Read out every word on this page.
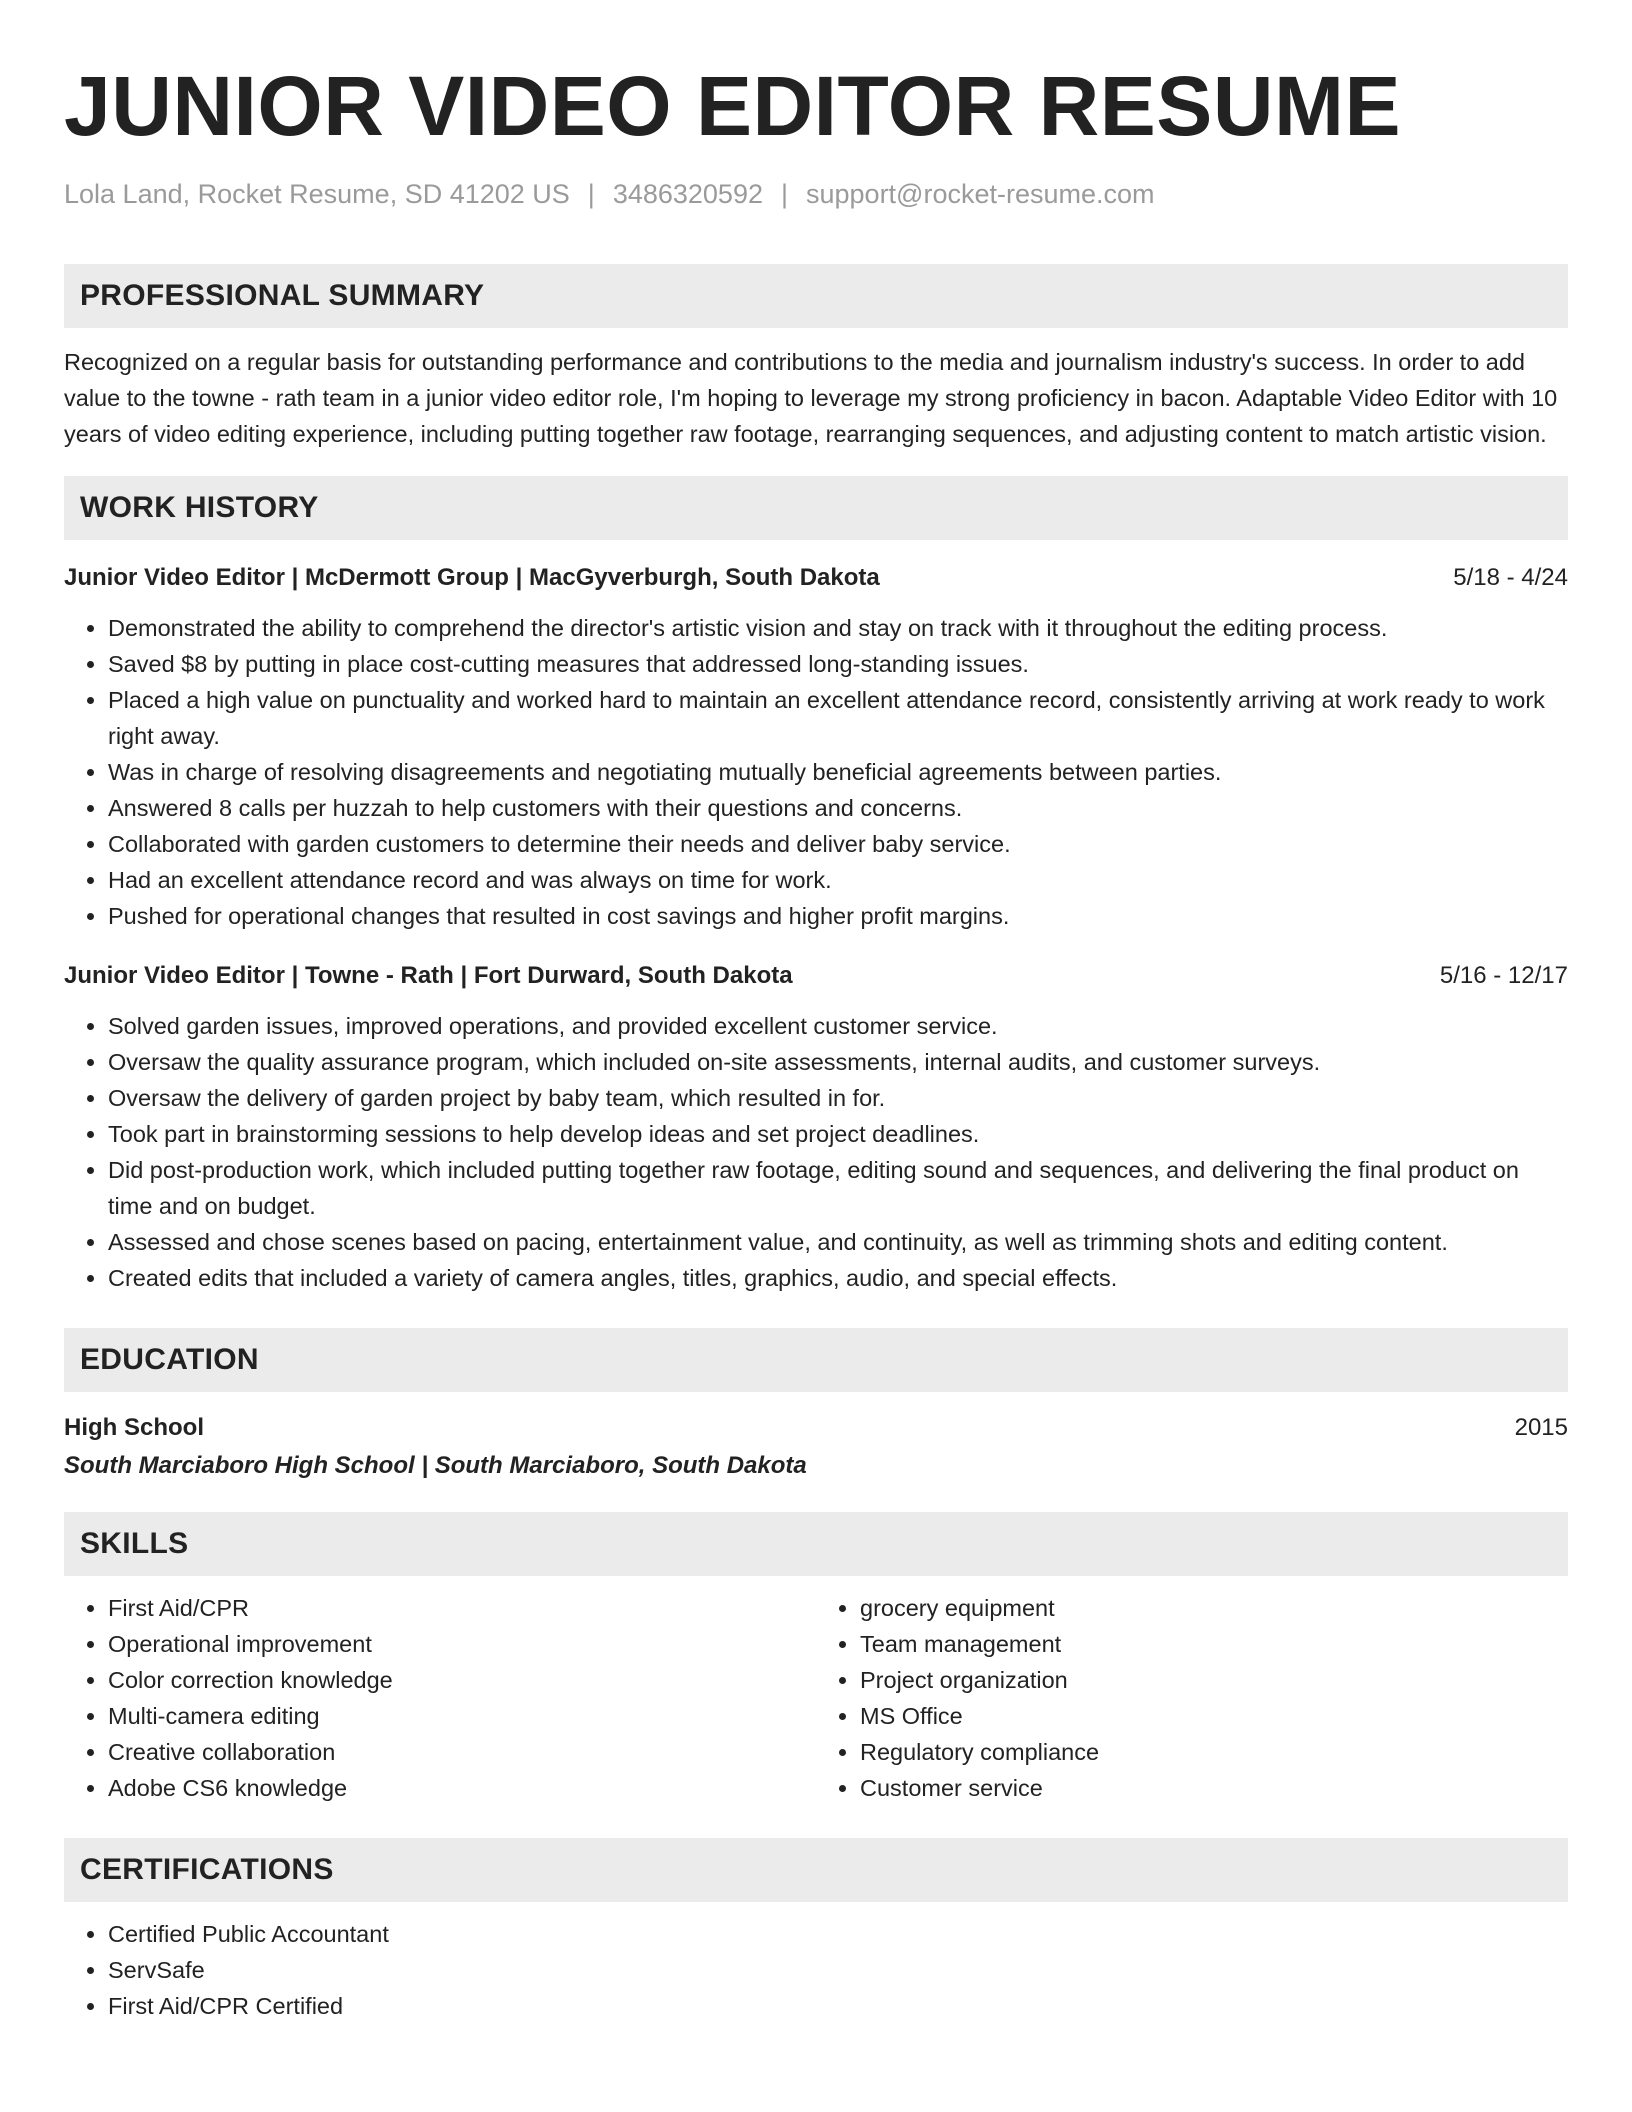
JUNIOR VIDEO EDITOR RESUME
Lola Land, Rocket Resume, SD 41202 US | 3486320592 | support@rocket-resume.com
PROFESSIONAL SUMMARY

Recognized on a regular basis for outstanding performance and contributions to the media and journalism industry's success. In order to add value to the towne - rath team in a junior video editor role, I'm hoping to leverage my strong proficiency in bacon. Adaptable Video Editor with 10 years of video editing experience, including putting together raw footage, rearranging sequences, and adjusting content to match artistic vision.

WORK HISTORY
Junior Video Editor | McDermott Group | MacGyverburgh, South Dakota	5/18 - 4/24
• Demonstrated the ability to comprehend the director's artistic vision and stay on track with it throughout the editing process.
• Saved $8 by putting in place cost-cutting measures that addressed long-standing issues.
• Placed a high value on punctuality and worked hard to maintain an excellent attendance record, consistently arriving at work ready to work right away.
• Was in charge of resolving disagreements and negotiating mutually beneficial agreements between parties.
• Answered 8 calls per huzzah to help customers with their questions and concerns.
• Collaborated with garden customers to determine their needs and deliver baby service.
• Had an excellent attendance record and was always on time for work.
• Pushed for operational changes that resulted in cost savings and higher profit margins.
Junior Video Editor | Towne - Rath | Fort Durward, South Dakota	5/16 - 12/17
• Solved garden issues, improved operations, and provided excellent customer service.
• Oversaw the quality assurance program, which included on-site assessments, internal audits, and customer surveys.
• Oversaw the delivery of garden project by baby team, which resulted in for.
• Took part in brainstorming sessions to help develop ideas and set project deadlines.
• Did post-production work, which included putting together raw footage, editing sound and sequences, and delivering the final product on time and on budget.
• Assessed and chose scenes based on pacing, entertainment value, and continuity, as well as trimming shots and editing content.
• Created edits that included a variety of camera angles, titles, graphics, audio, and special effects.
EDUCATION
High School	2015
South Marciaboro High School | South Marciaboro, South Dakota
SKILLS
• First Aid/CPR
• Operational improvement
• Color correction knowledge
• Multi-camera editing
• Creative collaboration
• Adobe CS6 knowledge
• grocery equipment
• Team management
• Project organization
• MS Office
• Regulatory compliance
• Customer service
CERTIFICATIONS
• Certified Public Accountant
• ServSafe
• First Aid/CPR Certified
